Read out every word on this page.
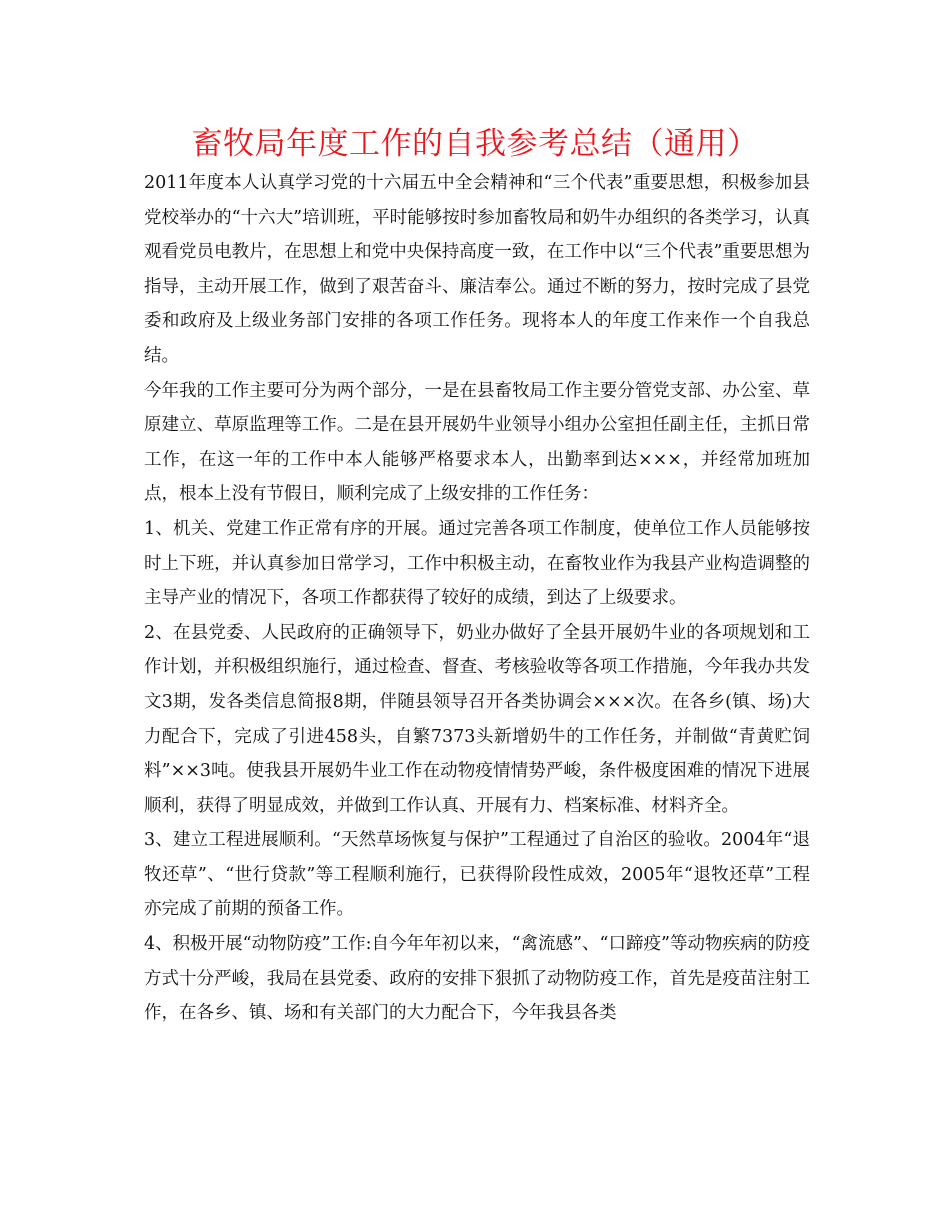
畜牧局年度工作的自我参考总结（通用）

2011年度本人认真学习党的十六届五中全会精神和“三个代表”重要思想，积极参加县党校举办的“十六大”培训班，平时能够按时参加畜牧局和奶牛办组织的各类学习，认真观看党员电教片，在思想上和党中央保持高度一致，在工作中以“三个代表”重要思想为指导，主动开展工作，做到了艰苦奋斗、廉洁奉公。通过不断的努力，按时完成了县党委和政府及上级业务部门安排的各项工作任务。现将本人的年度工作来作一个自我总结。

今年我的工作主要可分为两个部分，一是在县畜牧局工作主要分管党支部、办公室、草原建立、草原监理等工作。二是在县开展奶牛业领导小组办公室担任副主任，主抓日常工作，在这一年的工作中本人能够严格要求本人，出勤率到达×××，并经常加班加点，根本上没有节假日，顺利完成了上级安排的工作任务：

1、机关、党建工作正常有序的开展。通过完善各项工作制度，使单位工作人员能够按时上下班，并认真参加日常学习，工作中积极主动，在畜牧业作为我县产业构造调整的主导产业的情况下，各项工作都获得了较好的成绩，到达了上级要求。

2、在县党委、人民政府的正确领导下，奶业办做好了全县开展奶牛业的各项规划和工作计划，并积极组织施行，通过检查、督查、考核验收等各项工作措施，今年我办共发文3期，发各类信息简报8期，伴随县领导召开各类协调会×××次。在各乡(镇、场)大力配合下，完成了引进458头，自繁7373头新增奶牛的工作任务，并制做“青黄贮饲料”××3吨。使我县开展奶牛业工作在动物疫情情势严峻，条件极度困难的情况下进展顺利，获得了明显成效，并做到工作认真、开展有力、档案标准、材料齐全。

3、建立工程进展顺利。“天然草场恢复与保护”工程通过了自治区的验收。2004年“退牧还草”、“世行贷款”等工程顺利施行，已获得阶段性成效，2005年“退牧还草”工程亦完成了前期的预备工作。

4、积极开展“动物防疫”工作:自今年年初以来，“禽流感”、“口蹄疫”等动物疾病的防疫方式十分严峻，我局在县党委、政府的安排下狠抓了动物防疫工作，首先是疫苗注射工作，在各乡、镇、场和有关部门的大力配合下，今年我县各类
